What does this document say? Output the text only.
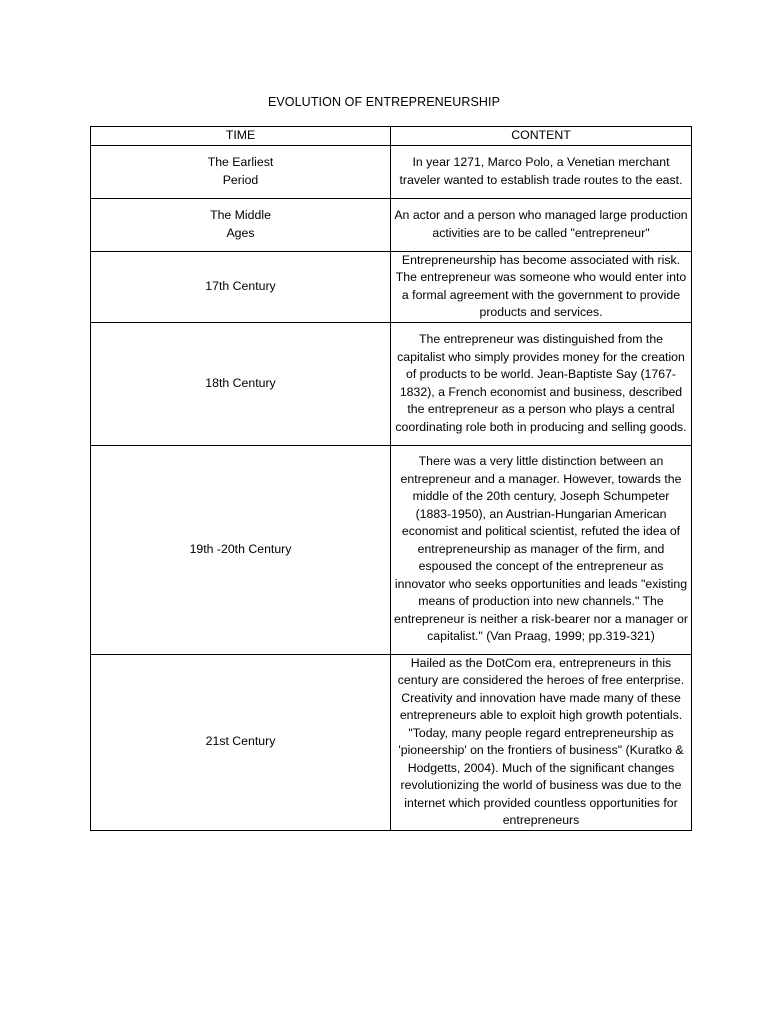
EVOLUTION OF ENTREPRENEURSHIP
TIME	CONTENT

The Earliest Period	In year 1271, Marco Polo, a Venetian merchant traveler wanted to establish trade routes to the east.

The Middle Ages	An actor and a person who managed large production activities are to be called "entrepreneur"

17th Century	Entrepreneurship has become associated with risk. The entrepreneur was someone who would enter into a formal agreement with the government to provide products and services.

18th Century	The entrepreneur was distinguished from the capitalist who simply provides money for the creation of products to be world. Jean-Baptiste Say (1767-1832), a French economist and business, described the entrepreneur as a person who plays a central coordinating role both in producing and selling goods.

19th -20th Century	There was a very little distinction between an entrepreneur and a manager. However, towards the middle of the 20th century, Joseph Schumpeter (1883-1950), an Austrian-Hungarian American economist and political scientist, refuted the idea of entrepreneurship as manager of the firm, and espoused the concept of the entrepreneur as innovator who seeks opportunities and leads "existing means of production into new channels." The entrepreneur is neither a risk-bearer nor a manager or capitalist." (Van Praag, 1999; pp.319-321)

21st Century	Hailed as the DotCom era, entrepreneurs in this century are considered the heroes of free enterprise. Creativity and innovation have made many of these entrepreneurs able to exploit high growth potentials. "Today, many people regard entrepreneurship as 'pioneership' on the frontiers of business" (Kuratko & Hodgetts, 2004). Much of the significant changes revolutionizing the world of business was due to the internet which provided countless opportunities for entrepreneurs
